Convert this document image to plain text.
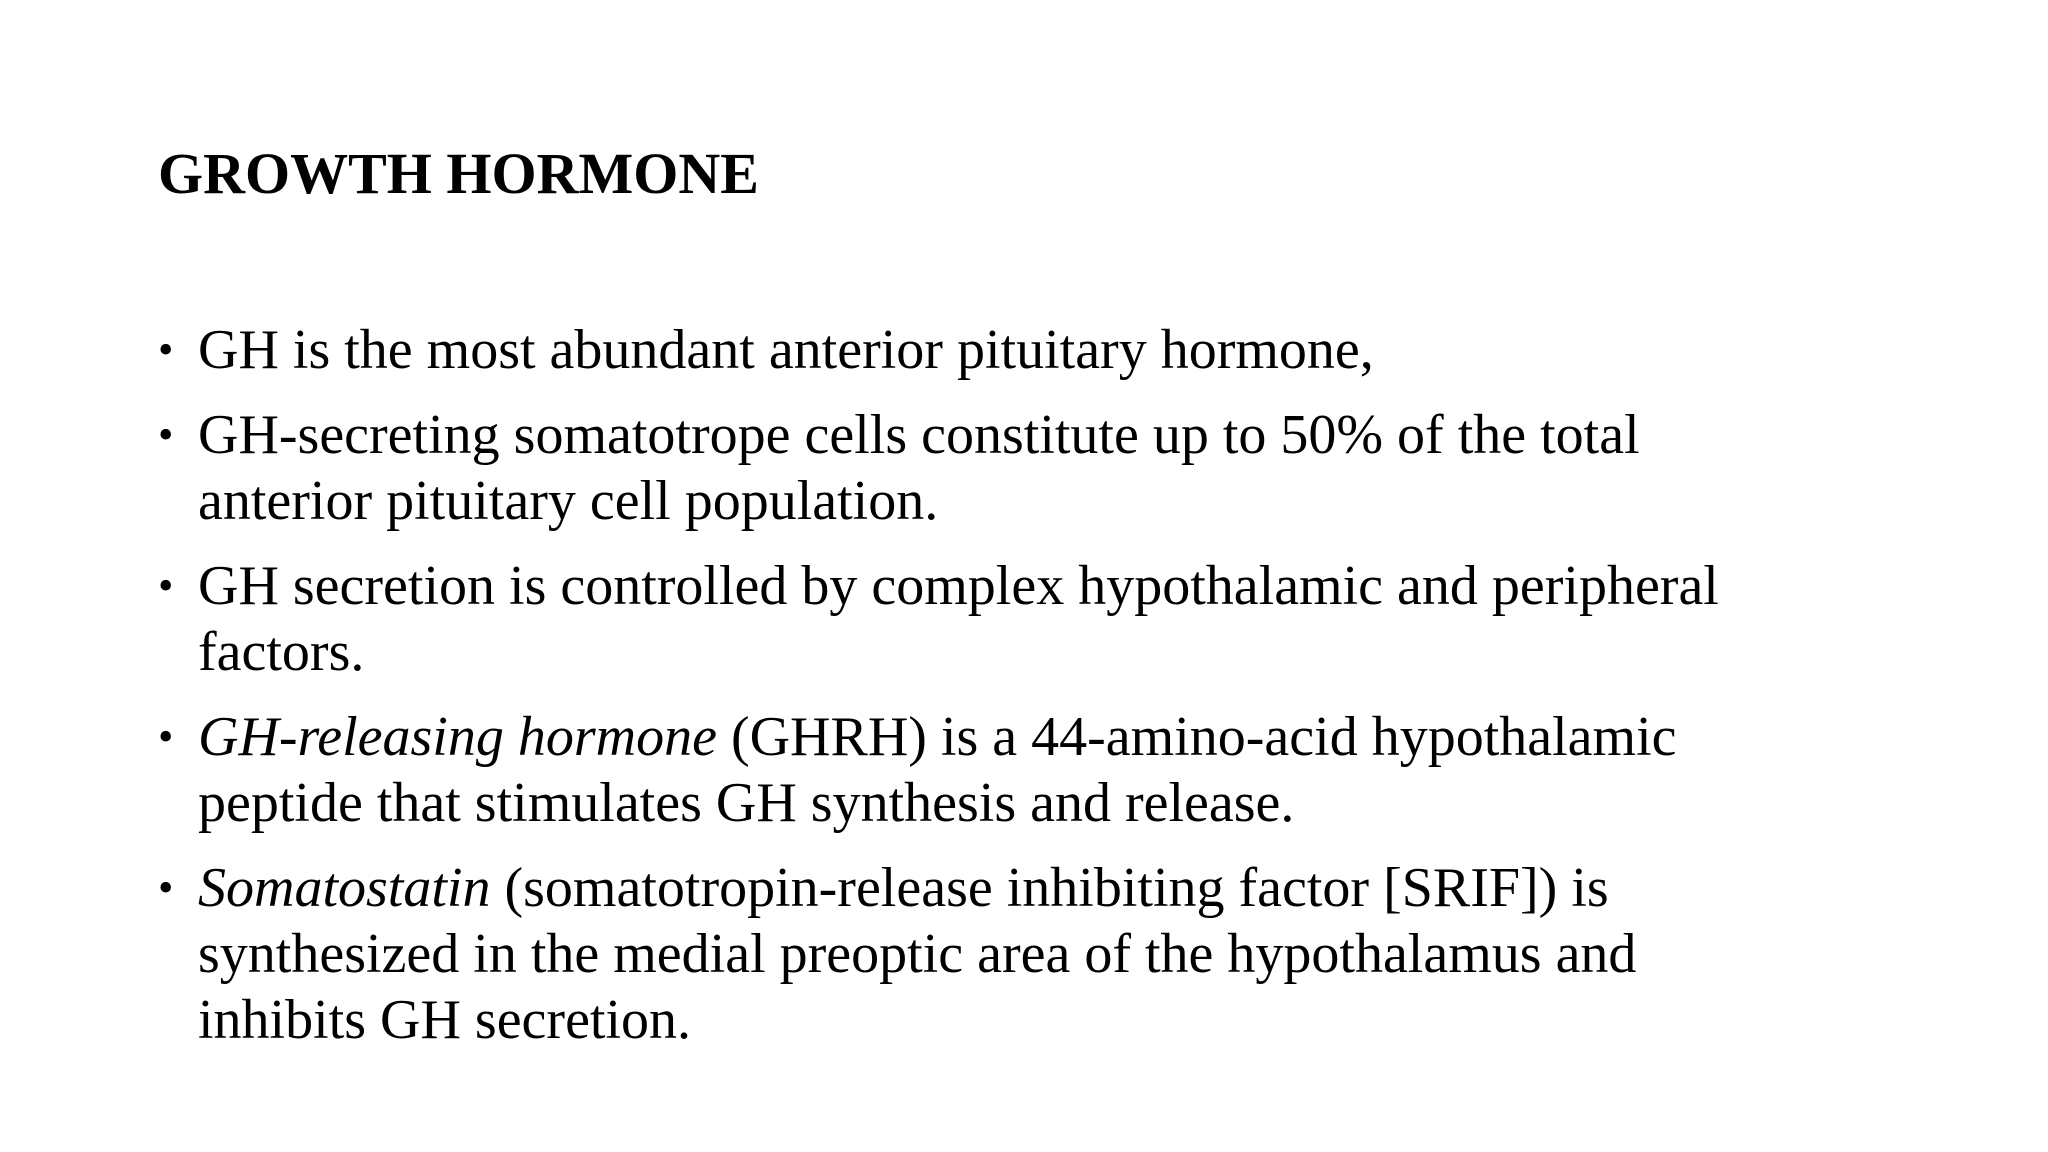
GROWTH HORMONE
• GH is the most abundant anterior pituitary hormone,
• GH-secreting somatotrope cells constitute up to 50% of the total
anterior pituitary cell population.
• GH secretion is controlled by complex hypothalamic and peripheral
factors.
• GH-releasing hormone (GHRH) is a 44-amino-acid hypothalamic
peptide that stimulates GH synthesis and release.
• Somatostatin (somatotropin-release inhibiting factor [SRIF]) is
synthesized in the medial preoptic area of the hypothalamus and
inhibits GH secretion.
